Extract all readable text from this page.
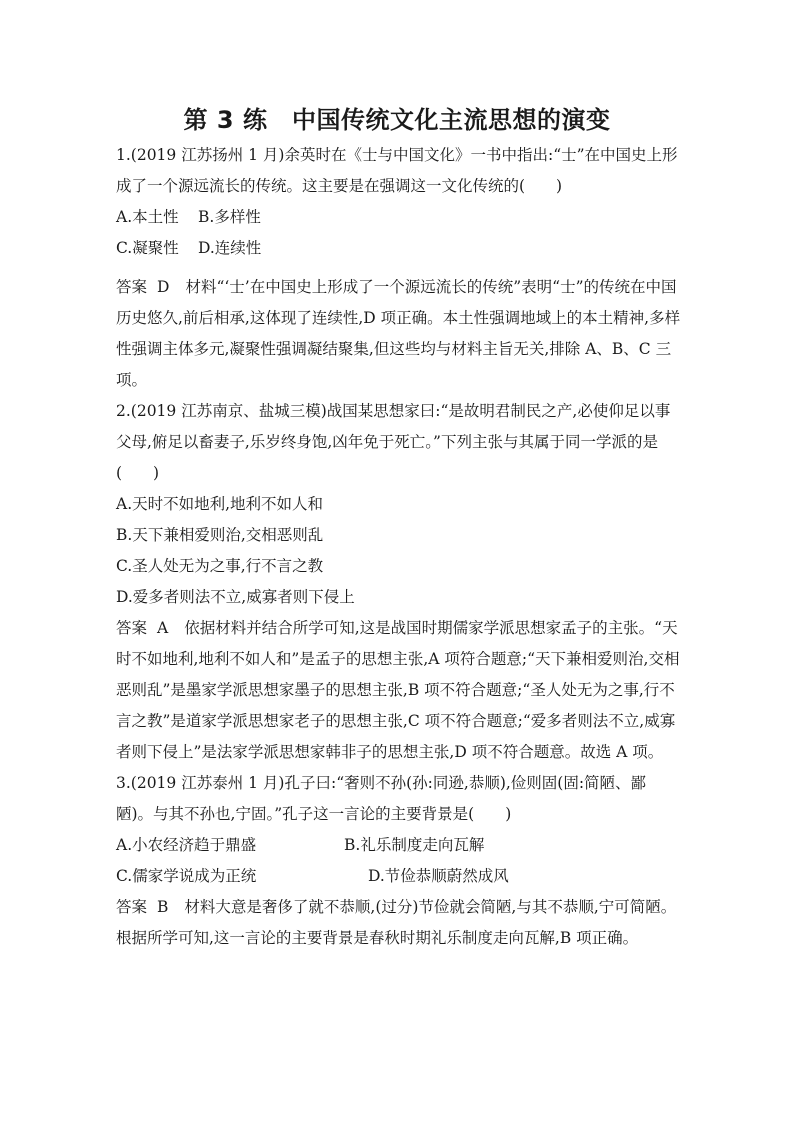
第 3 练　中国传统文化主流思想的演变

1.(2019 江苏扬州 1 月)余英时在《士与中国文化》一书中指出:“士”在中国史上形成了一个源远流长的传统。这主要是在强调这一文化传统的(　　)

A.本土性	B.多样性
C.凝聚性	D.连续性

答案 D 材料“‘士’在中国史上形成了一个源远流长的传统”表明“士”的传统在中国历史悠久,前后相承,这体现了连续性,D 项正确。本土性强调地域上的本土精神,多样性强调主体多元,凝聚性强调凝结聚集,但这些均与材料主旨无关,排除 A、B、C 三项。

2.(2019 江苏南京、盐城三模)战国某思想家曰:“是故明君制民之产,必使仰足以事父母,俯足以畜妻子,乐岁终身饱,凶年免于死亡。”下列主张与其属于同一学派的是(　　)

A.天时不如地利,地利不如人和

B.天下兼相爱则治,交相恶则乱

C.圣人处无为之事,行不言之教

D.爱多者则法不立,威寡者则下侵上

答案 A 依据材料并结合所学可知,这是战国时期儒家学派思想家孟子的主张。“天时不如地利,地利不如人和”是孟子的思想主张,A 项符合题意;“天下兼相爱则治,交相恶则乱”是墨家学派思想家墨子的思想主张,B 项不符合题意;“圣人处无为之事,行不言之教”是道家学派思想家老子的思想主张,C 项不符合题意;“爱多者则法不立,威寡者则下侵上”是法家学派思想家韩非子的思想主张,D 项不符合题意。故选 A 项。

3.(2019 江苏泰州 1 月)孔子曰:“奢则不孙(孙:同逊,恭顺),俭则固(固:简陋、鄙陋)。与其不孙也,宁固。”孔子这一言论的主要背景是(　　)

A.小农经济趋于鼎盛	B.礼乐制度走向瓦解
C.儒家学说成为正统	D.节俭恭顺蔚然成风

答案 B 材料大意是奢侈了就不恭顺,(过分)节俭就会简陋,与其不恭顺,宁可简陋。根据所学可知,这一言论的主要背景是春秋时期礼乐制度走向瓦解,B 项正确。
